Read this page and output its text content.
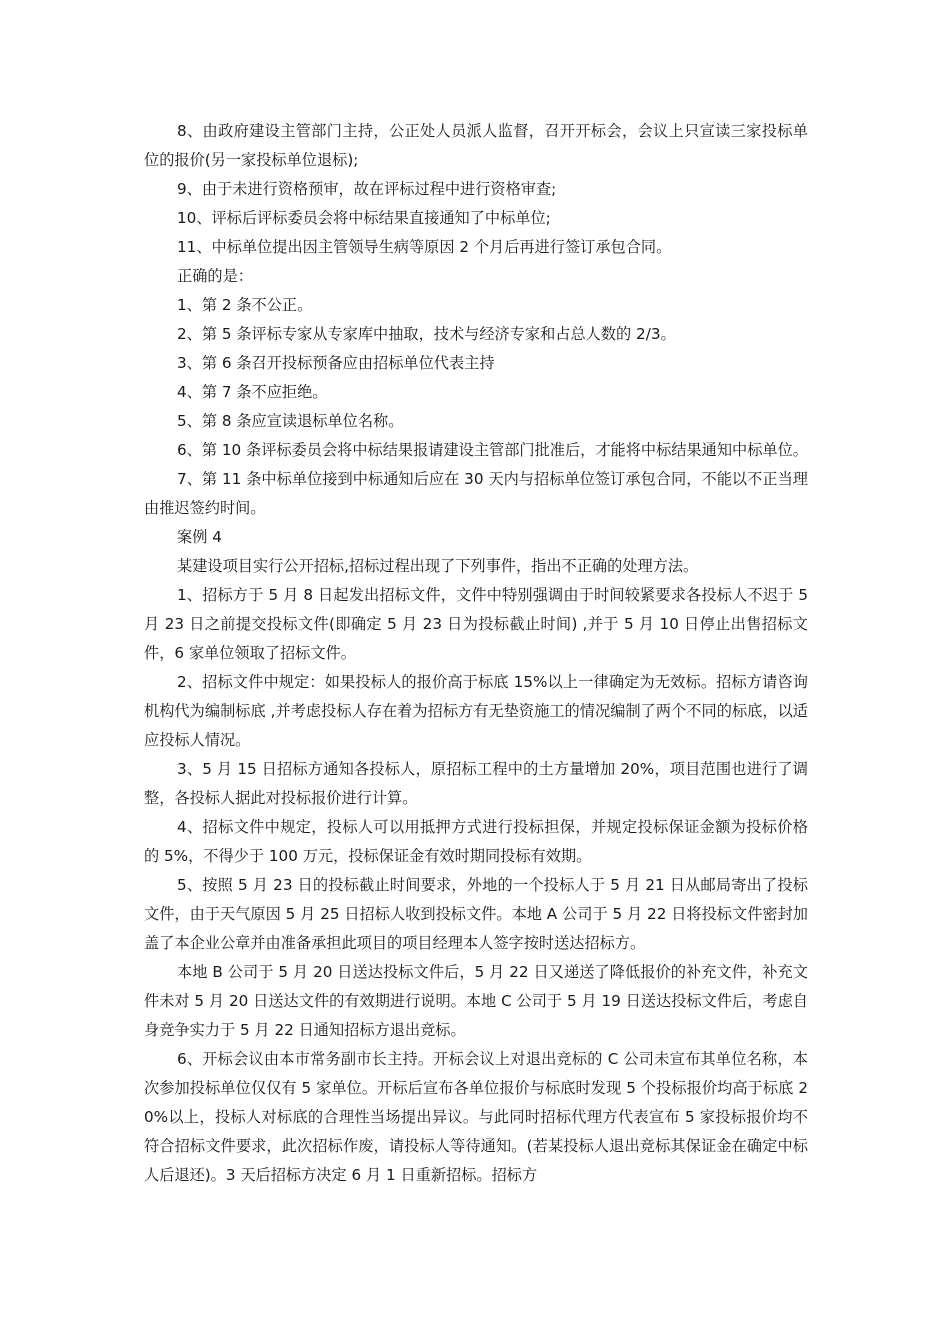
8、由政府建设主管部门主持，公正处人员派人监督，召开开标会，会议上只宣读三家投标单位的报价(另一家投标单位退标);

9、由于未进行资格预审，故在评标过程中进行资格审查;

10、评标后评标委员会将中标结果直接通知了中标单位;

11、中标单位提出因主管领导生病等原因 2 个月后再进行签订承包合同。

正确的是：

1、第 2 条不公正。

2、第 5 条评标专家从专家库中抽取，技术与经济专家和占总人数的 2/3。

3、第 6 条召开投标预备应由招标单位代表主持

4、第 7 条不应拒绝。

5、第 8 条应宣读退标单位名称。

6、第 10 条评标委员会将中标结果报请建设主管部门批准后，才能将中标结果通知中标单位。

7、第 11 条中标单位接到中标通知后应在 30 天内与招标单位签订承包合同，不能以不正当理由推迟签约时间。

案例 4

某建设项目实行公开招标,招标过程出现了下列事件，指出不正确的处理方法。

1、招标方于 5 月 8 日起发出招标文件，文件中特别强调由于时间较紧要求各投标人不迟于 5 月 23 日之前提交投标文件(即确定 5 月 23 日为投标截止时间) ,并于 5 月 10 日停止出售招标文件，6 家单位领取了招标文件。

2、招标文件中规定：如果投标人的报价高于标底 15%以上一律确定为无效标。招标方请咨询机构代为编制标底 ,并考虑投标人存在着为招标方有无垫资施工的情况编制了两个不同的标底，以适应投标人情况。

3、5 月 15 日招标方通知各投标人，原招标工程中的土方量增加 20%，项目范围也进行了调整，各投标人据此对投标报价进行计算。

4、招标文件中规定，投标人可以用抵押方式进行投标担保，并规定投标保证金额为投标价格的 5%，不得少于 100 万元，投标保证金有效时期同投标有效期。

5、按照 5 月 23 日的投标截止时间要求，外地的一个投标人于 5 月 21 日从邮局寄出了投标文件，由于天气原因 5 月 25 日招标人收到投标文件。本地 A 公司于 5 月 22 日将投标文件密封加盖了本企业公章并由准备承担此项目的项目经理本人签字按时送达招标方。

本地 B 公司于 5 月 20 日送达投标文件后，5 月 22 日又递送了降低报价的补充文件，补充文件未对 5 月 20 日送达文件的有效期进行说明。本地 C 公司于 5 月 19 日送达投标文件后，考虑自身竞争实力于 5 月 22 日通知招标方退出竞标。

6、开标会议由本市常务副市长主持。开标会议上对退出竞标的 C 公司未宣布其单位名称，本次参加投标单位仅仅有 5 家单位。开标后宣布各单位报价与标底时发现 5 个投标报价均高于标底 20%以上，投标人对标底的合理性当场提出异议。与此同时招标代理方代表宣布 5 家投标报价均不符合招标文件要求，此次招标作废，请投标人等待通知。(若某投标人退出竞标其保证金在确定中标人后退还)。3 天后招标方决定 6 月 1 日重新招标。招标方
